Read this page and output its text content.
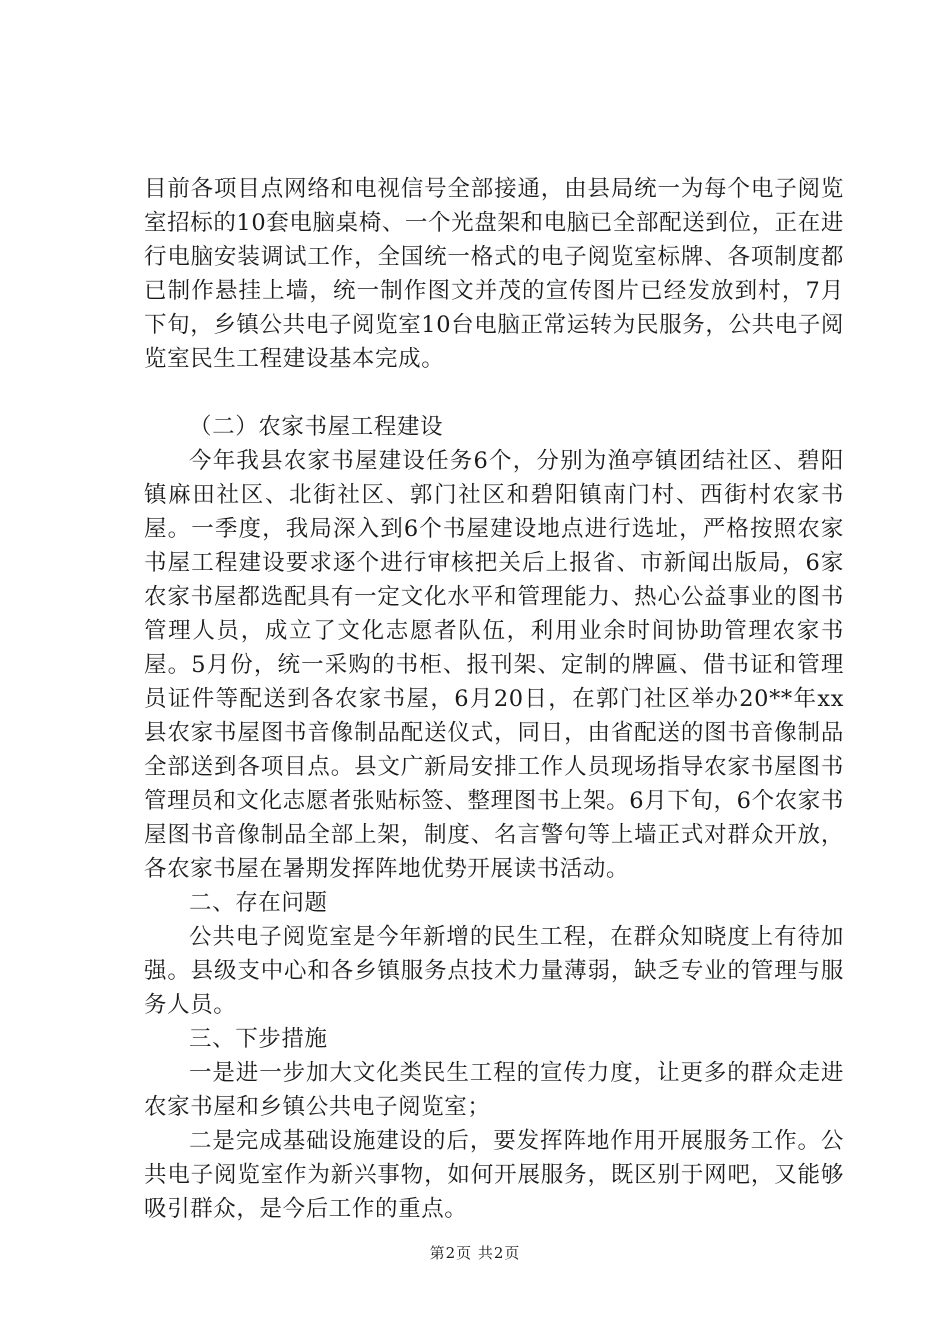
目前各项目点网络和电视信号全部接通，由县局统一为每个电子阅览室招标的10套电脑桌椅、一个光盘架和电脑已全部配送到位，正在进行电脑安装调试工作，全国统一格式的电子阅览室标牌、各项制度都已制作悬挂上墙，统一制作图文并茂的宣传图片已经发放到村，7月下旬，乡镇公共电子阅览室10台电脑正常运转为民服务，公共电子阅览室民生工程建设基本完成。

（二）农家书屋工程建设

今年我县农家书屋建设任务6个，分别为渔亭镇团结社区、碧阳镇麻田社区、北街社区、郭门社区和碧阳镇南门村、西街村农家书屋。一季度，我局深入到6个书屋建设地点进行选址，严格按照农家书屋工程建设要求逐个进行审核把关后上报省、市新闻出版局，6家农家书屋都选配具有一定文化水平和管理能力、热心公益事业的图书管理人员，成立了文化志愿者队伍，利用业余时间协助管理农家书屋。5月份，统一采购的书柜、报刊架、定制的牌匾、借书证和管理员证件等配送到各农家书屋，6月20日，在郭门社区举办20**年xx县农家书屋图书音像制品配送仪式，同日，由省配送的图书音像制品全部送到各项目点。县文广新局安排工作人员现场指导农家书屋图书管理员和文化志愿者张贴标签、整理图书上架。6月下旬，6个农家书屋图书音像制品全部上架，制度、名言警句等上墙正式对群众开放，各农家书屋在暑期发挥阵地优势开展读书活动。

二、存在问题

公共电子阅览室是今年新增的民生工程，在群众知晓度上有待加强。县级支中心和各乡镇服务点技术力量薄弱，缺乏专业的管理与服务人员。

三、下步措施

一是进一步加大文化类民生工程的宣传力度，让更多的群众走进农家书屋和乡镇公共电子阅览室；

二是完成基础设施建设的后，要发挥阵地作用开展服务工作。公共电子阅览室作为新兴事物，如何开展服务，既区别于网吧，又能够吸引群众，是今后工作的重点。

第2页 共2页
